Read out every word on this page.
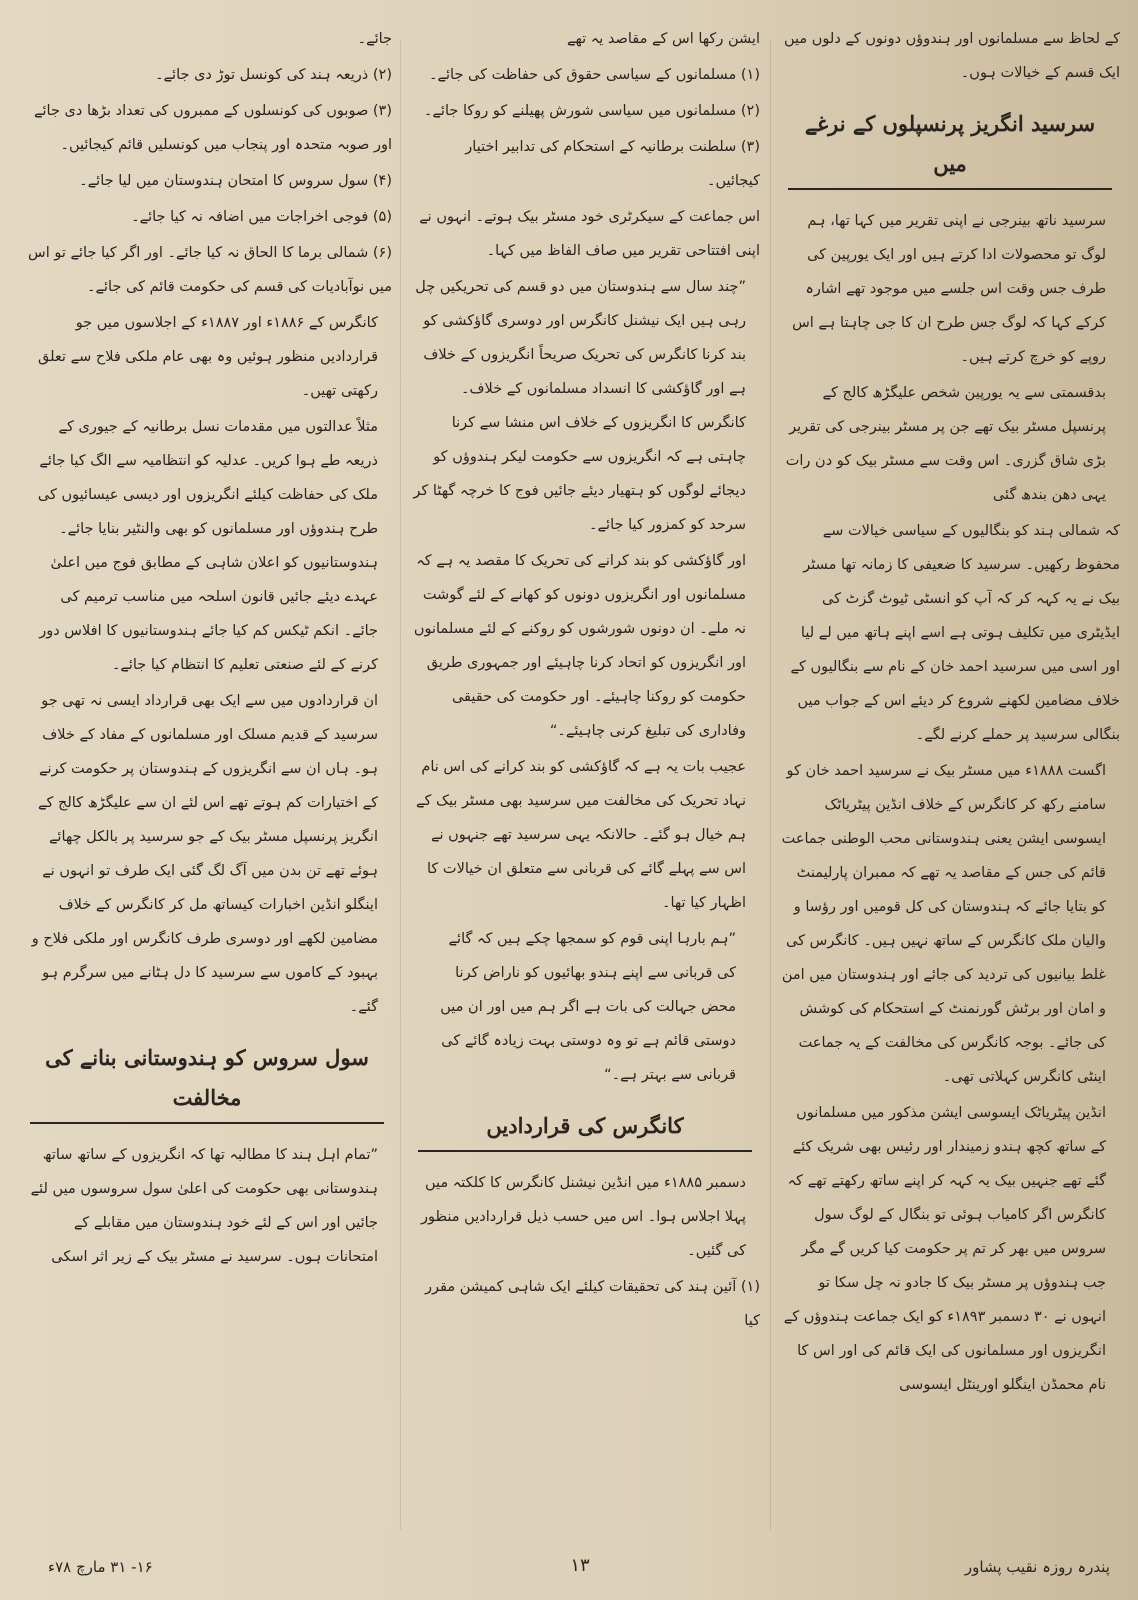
کے لحاظ سے مسلمانوں اور ہندوؤں دونوں کے دلوں میں ایک قسم کے خیالات ہوں۔

سرسید انگریز پرنسپلوں کے نرغے میں

سرسید ناتھ بینرجی نے اپنی تقریر میں کہا تھا، ہم لوگ تو محصولات ادا کرتے ہیں اور ایک یورپین کی طرف جس وقت اس جلسے میں موجود تھے اشارہ کرکے کہا کہ لوگ جس طرح ان کا جی چاہتا ہے اس روپے کو خرچ کرتے ہیں۔

بدقسمتی سے یہ یورپین شخص علیگڑھ کالج کے پرنسپل مسٹر بیک تھے جن پر مسٹر بینرجی کی تقریر بڑی شاق گزری۔ اس وقت سے مسٹر بیک کو دن رات یہی دھن بندھ گئی

کہ شمالی ہند کو بنگالیوں کے سیاسی خیالات سے محفوظ رکھیں۔ سرسید کا ضعیفی کا زمانہ تھا مسٹر بیک نے یہ کہہ کر کہ آپ کو انسٹی ٹیوٹ گزٹ کی ایڈیٹری میں تکلیف ہوتی ہے اسے اپنے ہاتھ میں لے لیا اور اسی میں سرسید احمد خان کے نام سے بنگالیوں کے خلاف مضامین لکھنے شروع کر دیئے اس کے جواب میں بنگالی سرسید پر حملے کرنے لگے۔

اگست ۱۸۸۸ء میں مسٹر بیک نے سرسید احمد خان کو سامنے رکھ کر کانگرس کے خلاف انڈین پیٹریاٹک ایسوسی ایشن یعنی ہندوستانی محب الوطنی جماعت قائم کی جس کے مقاصد یہ تھے کہ ممبران پارلیمنٹ کو بتایا جائے کہ ہندوستان کی کل قومیں اور رؤسا و والیان ملک کانگرس کے ساتھ نہیں ہیں۔ کانگرس کی غلط بیانیوں کی تردید کی جائے اور ہندوستان میں امن و امان اور برٹش گورنمنٹ کے استحکام کی کوشش کی جائے۔ بوجہ کانگرس کی مخالفت کے یہ جماعت اینٹی کانگرس کہلاتی تھی۔

انڈین پیٹریاٹک ایسوسی ایشن مذکور میں مسلمانوں کے ساتھ کچھ ہندو زمیندار اور رئیس بھی شریک کئے گئے تھے جنہیں بیک یہ کہہ کر اپنے ساتھ رکھتے تھے کہ کانگرس اگر کامیاب ہوئی تو بنگال کے لوگ سول سروس میں بھر کر تم پر حکومت کیا کریں گے مگر جب ہندوؤں پر مسٹر بیک کا جادو نہ چل سکا تو انہوں نے ۳۰ دسمبر ۱۸۹۳ء کو ایک جماعت ہندوؤں کے انگریزوں اور مسلمانوں کی ایک قائم کی اور اس کا نام محمڈن اینگلو اورینٹل ایسوسی

ایشن رکھا اس کے مقاصد یہ تھے

(۱) مسلمانوں کے سیاسی حقوق کی حفاظت کی جائے۔

(۲) مسلمانوں میں سیاسی شورش پھیلنے کو روکا جائے۔

(۳) سلطنت برطانیہ کے استحکام کی تدابیر اختیار کیجائیں۔

اس جماعت کے سیکرٹری خود مسٹر بیک ہوتے۔ انہوں نے اپنی افتتاحی تقریر میں صاف الفاظ میں کہا۔

”چند سال سے ہندوستان میں دو قسم کی تحریکیں چل رہی ہیں ایک نیشنل کانگرس اور دوسری گاؤکشی کو بند کرنا کانگرس کی تحریک صریحاً انگریزوں کے خلاف ہے اور گاؤکشی کا انسداد مسلمانوں کے خلاف۔ کانگرس کا انگریزوں کے خلاف اس منشا سے کرنا چاہتی ہے کہ انگریزوں سے حکومت لیکر ہندوؤں کو دیجائے لوگوں کو ہتھیار دیئے جائیں فوج کا خرچہ گھٹا کر سرحد کو کمزور کیا جائے۔

اور گاؤکشی کو بند کرانے کی تحریک کا مقصد یہ ہے کہ مسلمانوں اور انگریزوں دونوں کو کھانے کے لئے گوشت نہ ملے۔ ان دونوں شورشوں کو روکنے کے لئے مسلمانوں اور انگریزوں کو اتحاد کرنا چاہیئے اور جمہوری طریق حکومت کو روکنا چاہیئے۔ اور حکومت کی حقیقی وفاداری کی تبلیغ کرنی چاہیئے۔“

عجیب بات یہ ہے کہ گاؤکشی کو بند کرانے کی اس نام نہاد تحریک کی مخالفت میں سرسید بھی مسٹر بیک کے ہم خیال ہو گئے۔ حالانکہ یہی سرسید تھے جنہوں نے اس سے پہلے گائے کی قربانی سے متعلق ان خیالات کا اظہار کیا تھا۔

”ہم بارہا اپنی قوم کو سمجھا چکے ہیں کہ گائے کی قربانی سے اپنے ہندو بھائیوں کو ناراض کرنا محض جہالت کی بات ہے اگر ہم میں اور ان میں دوستی قائم ہے تو وہ دوستی بہت زیادہ گائے کی قربانی سے بہتر ہے۔“

کانگرس کی قراردادیں

دسمبر ۱۸۸۵ء میں انڈین نیشنل کانگرس کا کلکتہ میں پہلا اجلاس ہوا۔ اس میں حسب ذیل قراردادیں منظور کی گئیں۔

(۱) آئین ہند کی تحقیقات کیلئے ایک شاہی کمیشن مقرر کیا

جائے۔

(۲) ذریعہ ہند کی کونسل توڑ دی جائے۔

(۳) صوبوں کی کونسلوں کے ممبروں کی تعداد بڑھا دی جائے اور صوبہ متحدہ اور پنجاب میں کونسلیں قائم کیجائیں۔

(۴) سول سروس کا امتحان ہندوستان میں لیا جائے۔

(۵) فوجی اخراجات میں اضافہ نہ کیا جائے۔

(۶) شمالی برما کا الحاق نہ کیا جائے۔ اور اگر کیا جائے تو اس میں نوآبادیات کی قسم کی حکومت قائم کی جائے۔

کانگرس کے ۱۸۸۶ء اور ۱۸۸۷ء کے اجلاسوں میں جو قراردادیں منظور ہوئیں وہ بھی عام ملکی فلاح سے تعلق رکھتی تھیں۔

مثلاً عدالتوں میں مقدمات نسل برطانیہ کے جیوری کے ذریعہ طے ہوا کریں۔ عدلیہ کو انتظامیہ سے الگ کیا جائے ملک کی حفاظت کیلئے انگریزوں اور دیسی عیسائیوں کی طرح ہندوؤں اور مسلمانوں کو بھی والنٹیر بنایا جائے۔ ہندوستانیوں کو اعلان شاہی کے مطابق فوج میں اعلیٰ عہدے دیئے جائیں قانون اسلحہ میں مناسب ترمیم کی جائے۔ انکم ٹیکس کم کیا جائے ہندوستانیوں کا افلاس دور کرنے کے لئے صنعتی تعلیم کا انتظام کیا جائے۔

ان قراردادوں میں سے ایک بھی قرارداد ایسی نہ تھی جو سرسید کے قدیم مسلک اور مسلمانوں کے مفاد کے خلاف ہو۔ ہاں ان سے انگریزوں کے ہندوستان پر حکومت کرنے کے اختیارات کم ہوتے تھے اس لئے ان سے علیگڑھ کالج کے انگریز پرنسپل مسٹر بیک کے جو سرسید پر بالکل چھائے ہوئے تھے تن بدن میں آگ لگ گئی ایک طرف تو انہوں نے اینگلو انڈین اخبارات کیساتھ مل کر کانگرس کے خلاف مضامین لکھے اور دوسری طرف کانگرس اور ملکی فلاح و بہبود کے کاموں سے سرسید کا دل ہٹانے میں سرگرم ہو گئے۔

سول سروس کو ہندوستانی بنانے کی مخالفت

”تمام اہل ہند کا مطالبہ تھا کہ انگریزوں کے ساتھ ساتھ ہندوستانی بھی حکومت کی اعلیٰ سول سروسوں میں لئے جائیں اور اس کے لئے خود ہندوستان میں مقابلے کے امتحانات ہوں۔ سرسید نے مسٹر بیک کے زیر اثر اسکی

۱۳
۱۶- ۳۱ مارچ ۷۸ء	پندرہ روزہ نقیب پشاور
